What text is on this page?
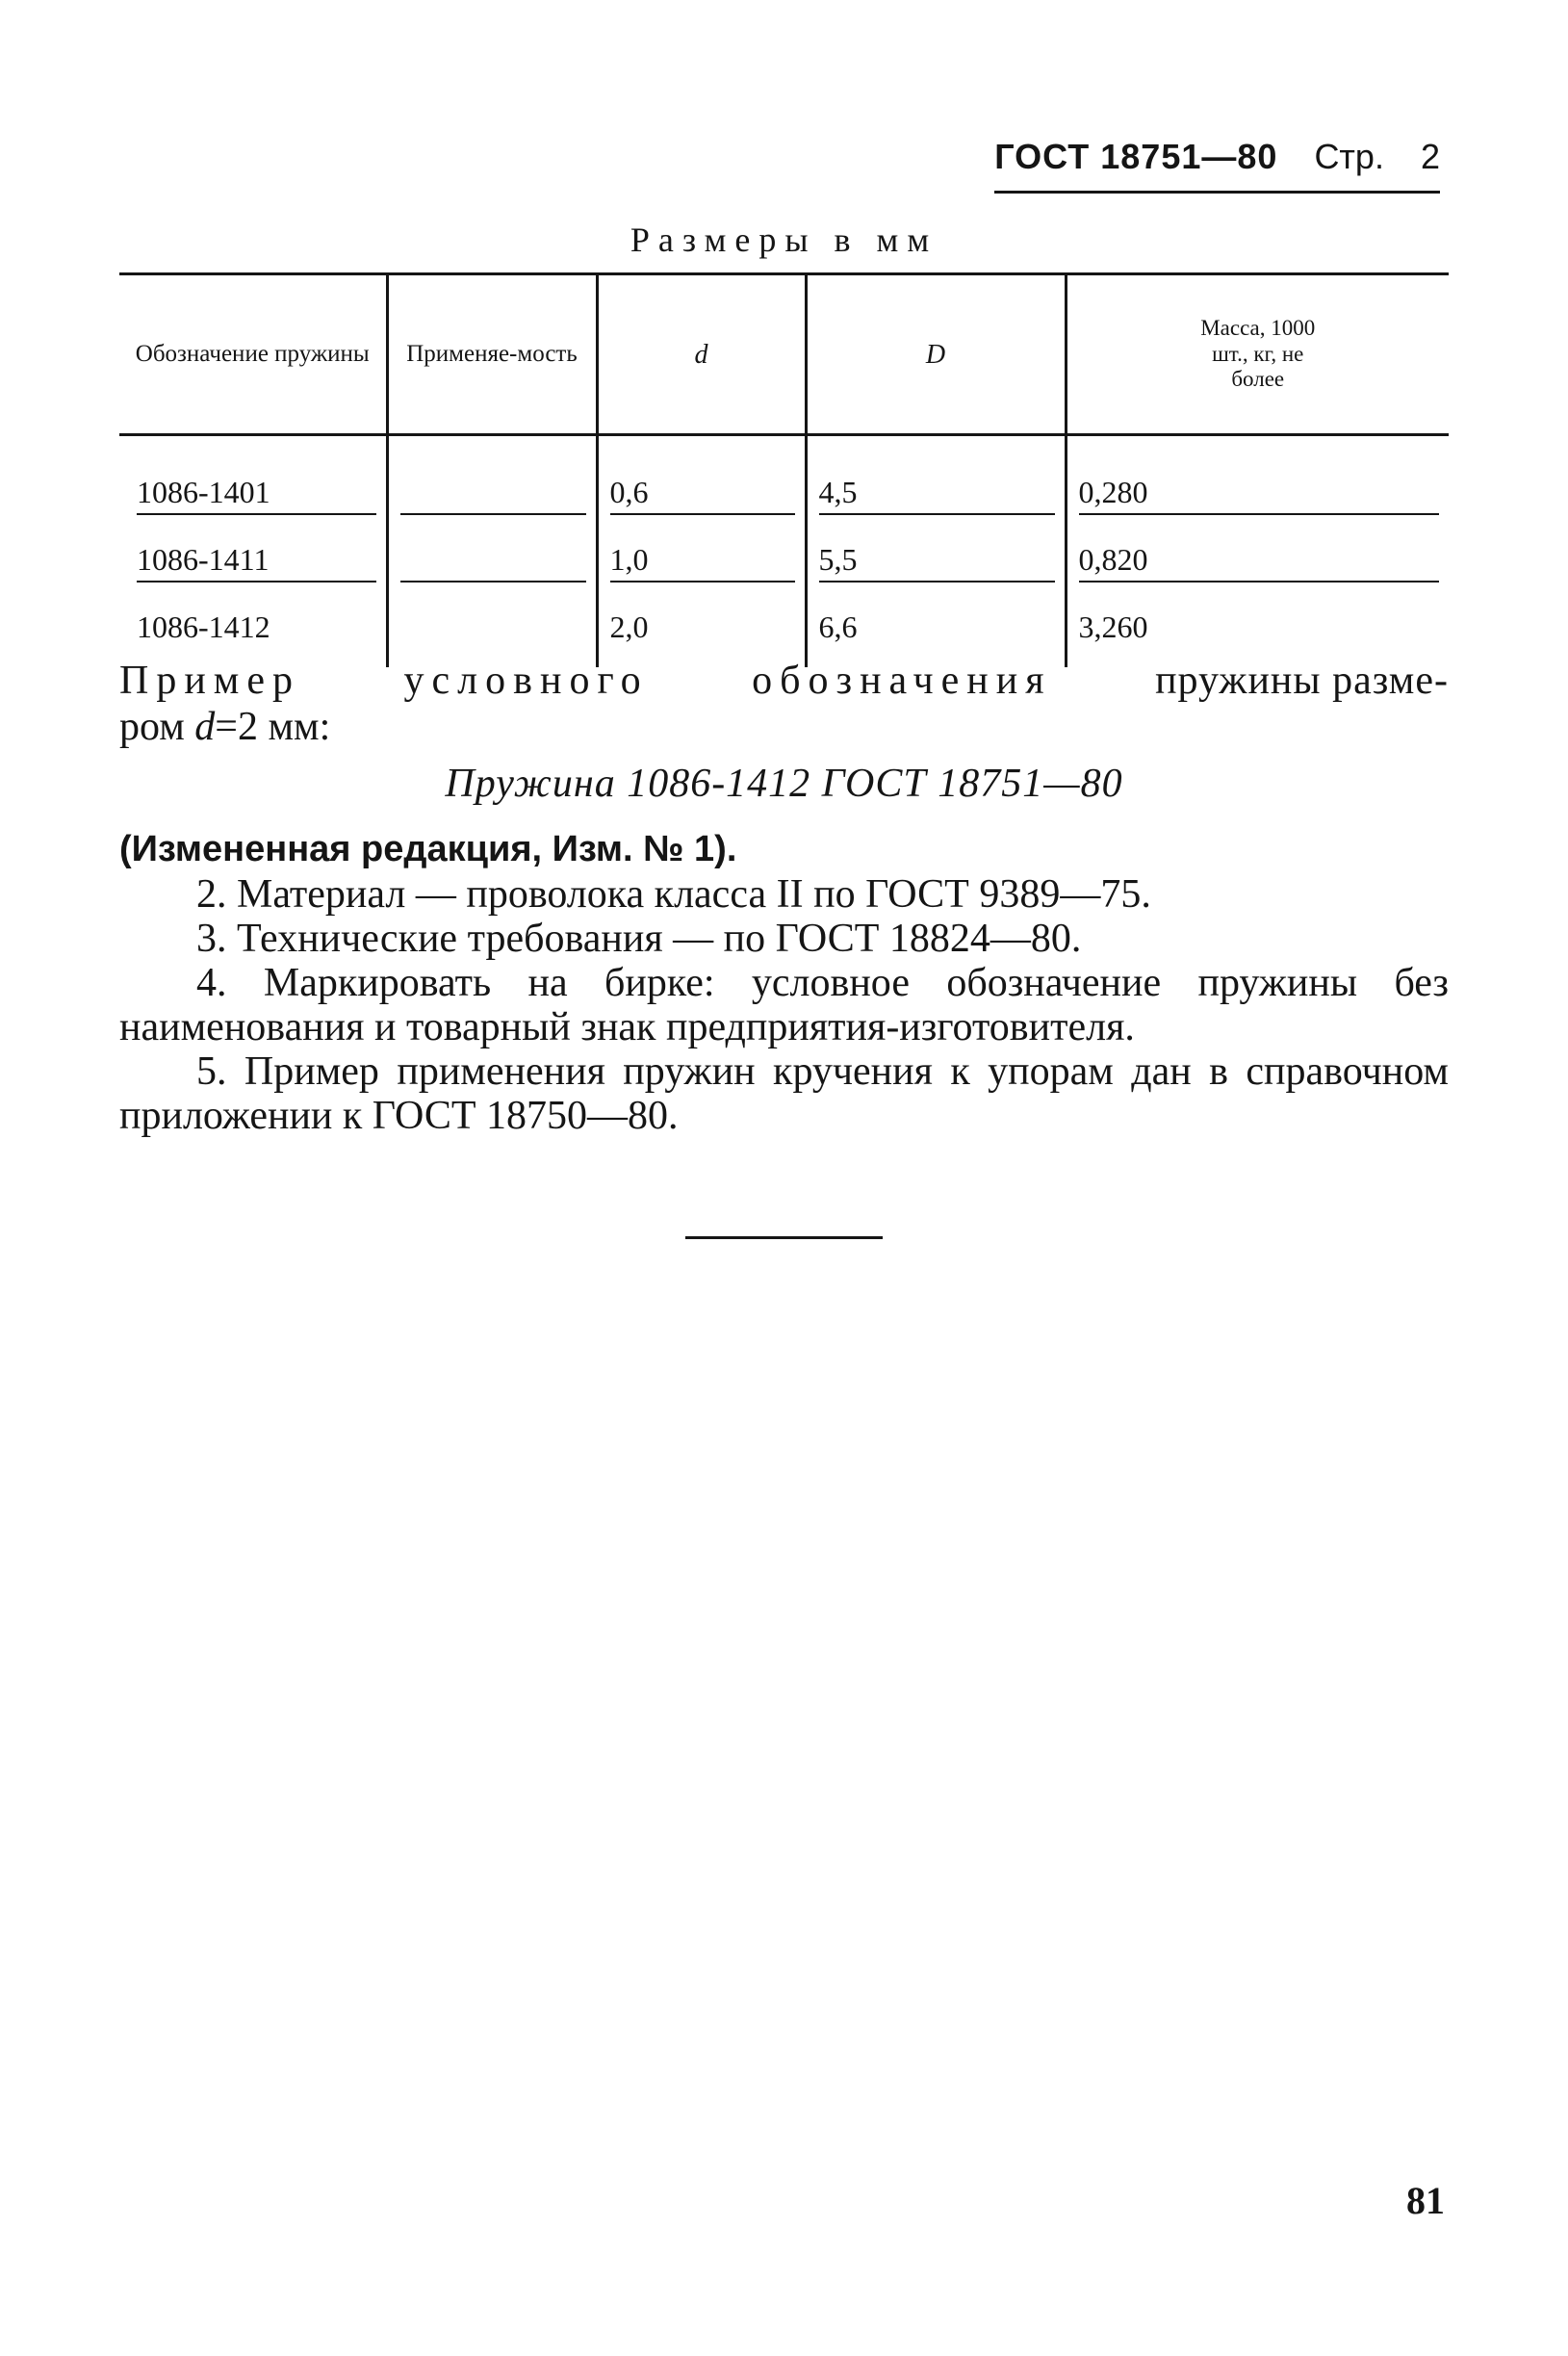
ГОСТ 18751—80 Стр. 2
Размеры в мм
Обозначение пружины	Применяе-мость	d	D	Масса, 1000 шт., кг, не более

1086-1401		0,6	4,5	0,280

1086-1411		1,0	5,5	0,820

1086-1412		2,0	6,6	3,260
Пример	условного	обозначения	пружины разме-
ром d=2 мм:
Пружина 1086-1412 ГОСТ 18751—80
(Измененная редакция, Изм. № 1).
2. Материал — проволока класса II по ГОСТ 9389—75.
3. Технические требования — по ГОСТ 18824—80.
4. Маркировать на бирке: условное обозначение пружины без наименования и товарный знак предприятия-изготовителя.
5. Пример применения пружин кручения к упорам дан в справочном приложении к ГОСТ 18750—80.
81
